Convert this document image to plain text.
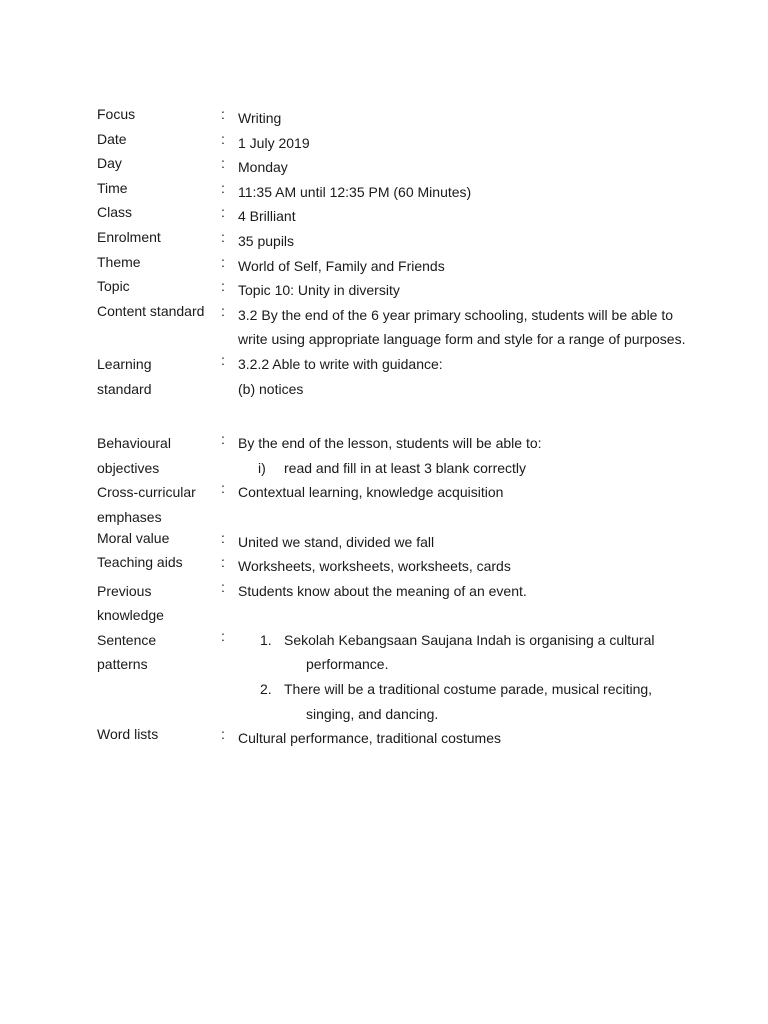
Focus	: Writing
Date	: 1 July 2019
Day	: Monday
Time	: 11:35 AM until 12:35 PM (60 Minutes)
Class	: 4 Brilliant
Enrolment	: 35 pupils
Theme	: World of Self, Family and Friends
Topic	: Topic 10: Unity in diversity
Content standard : 3.2 By the end of the 6 year primary schooling, students will be able to
write using appropriate language form and style for a range of purposes.
Learning
standard
: 3.2.2 Able to write with guidance:
(b) notices
Behavioural
objectives
: By the end of the lesson, students will be able to:
i) read and fill in at least 3 blank correctly
Cross-curricular
emphases
: Contextual learning, knowledge acquisition
Moral value	: United we stand, divided we fall
Teaching aids	: Worksheets, worksheets, worksheets, cards
Previous
knowledge
: Students know about the meaning of an event.
Sentence
patterns
:	1. Sekolah Kebangsaan Saujana Indah is organising a cultural
performance.
2. There will be a traditional costume parade, musical reciting,
singing, and dancing.
Word lists	: Cultural performance, traditional costumes
